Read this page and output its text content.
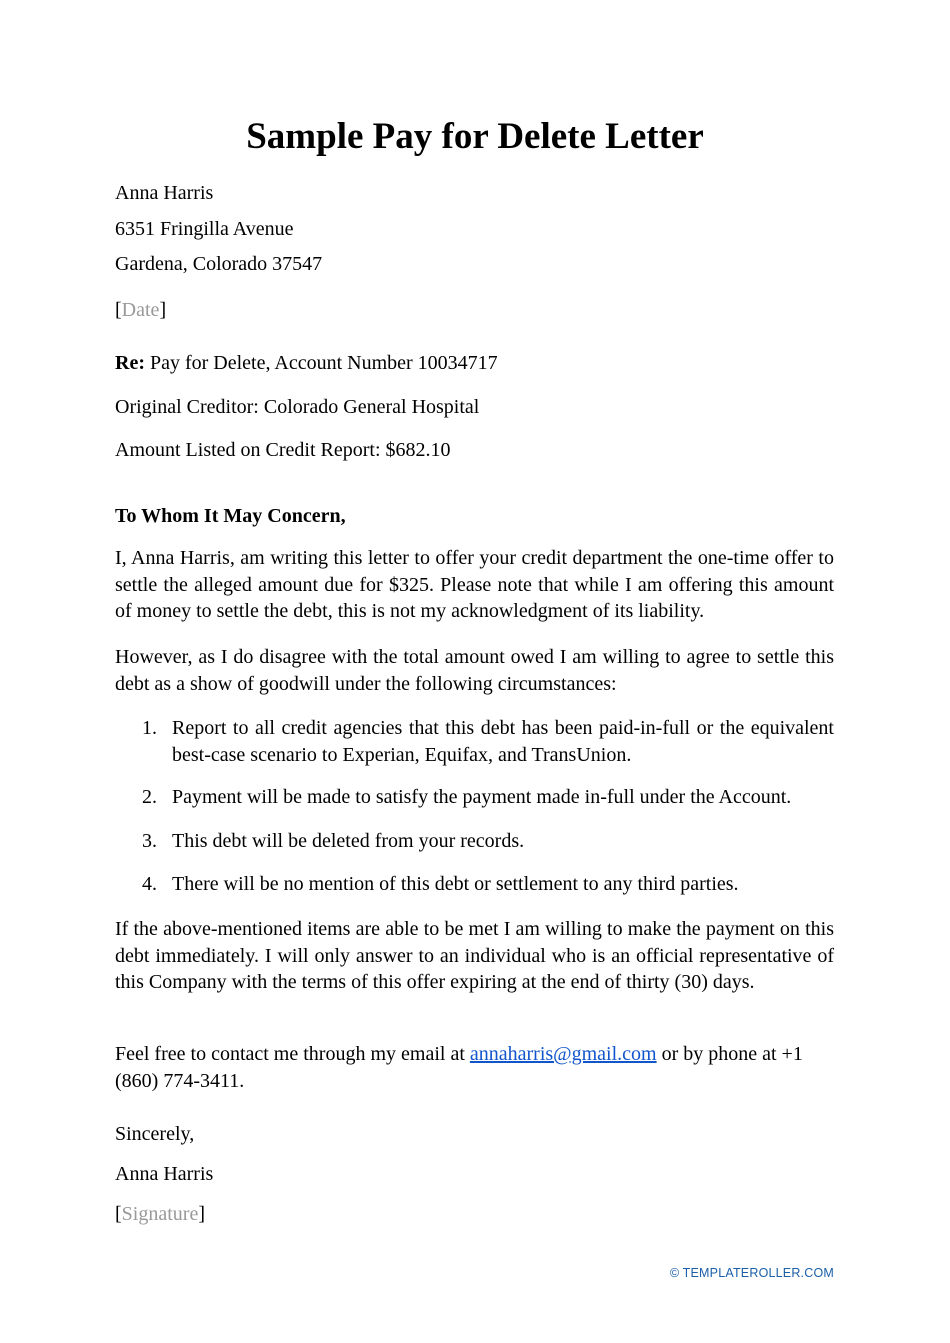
Sample Pay for Delete Letter

Anna Harris

6351 Fringilla Avenue

Gardena, Colorado 37547

[Date]

Re: Pay for Delete, Account Number 10034717

Original Creditor: Colorado General Hospital

Amount Listed on Credit Report: $682.10

To Whom It May Concern,

I, Anna Harris, am writing this letter to offer your credit department the one-time offer to settle the alleged amount due for $325. Please note that while I am offering this amount of money to settle the debt, this is not my acknowledgment of its liability.

However, as I do disagree with the total amount owed I am willing to agree to settle this debt as a show of goodwill under the following circumstances:

1. Report to all credit agencies that this debt has been paid-in-full or the equivalent best-case scenario to Experian, Equifax, and TransUnion.

2. Payment will be made to satisfy the payment made in-full under the Account.

3. This debt will be deleted from your records.

4. There will be no mention of this debt or settlement to any third parties.

If the above-mentioned items are able to be met I am willing to make the payment on this debt immediately. I will only answer to an individual who is an official representative of this Company with the terms of this offer expiring at the end of thirty (30) days.

Feel free to contact me through my email at annaharris@gmail.com or by phone at +1 (860) 774-3411.

Sincerely,

Anna Harris

[Signature]

© TEMPLATEROLLER.COM
